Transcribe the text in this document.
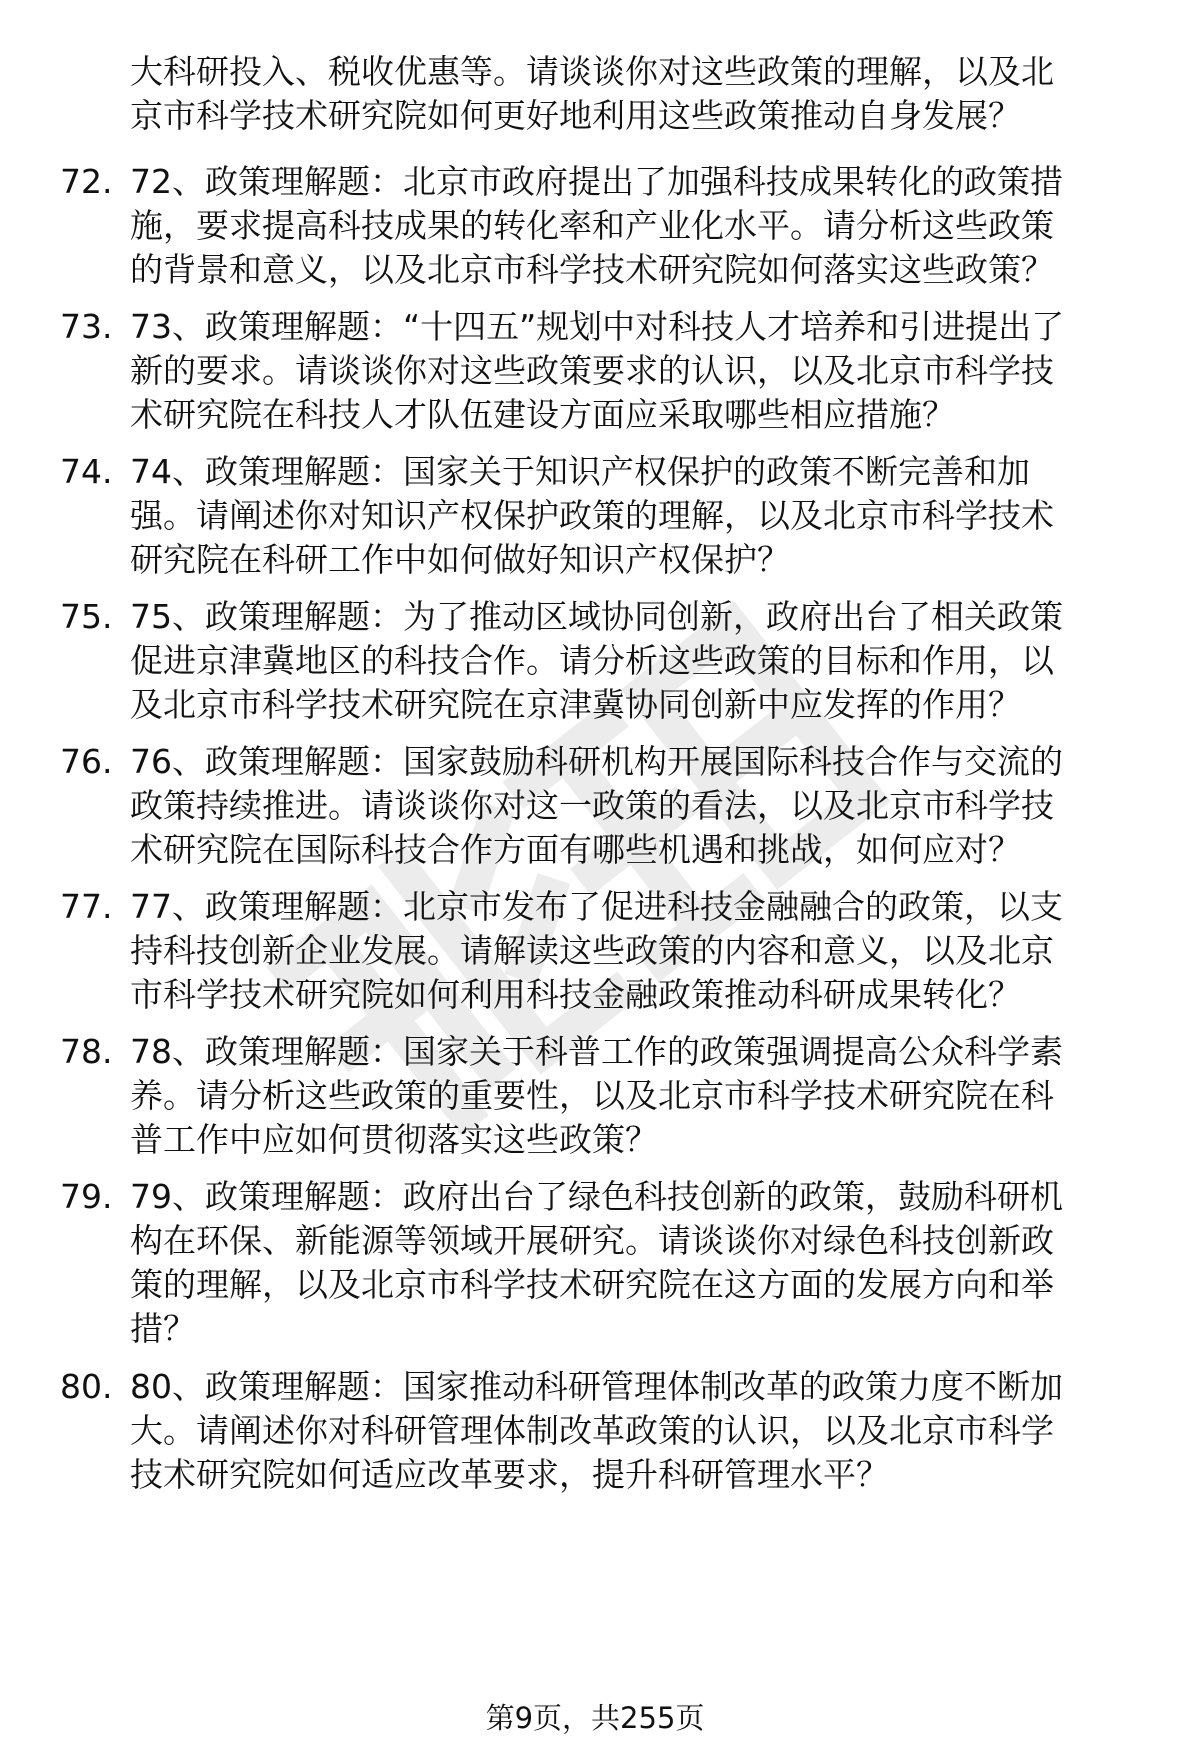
大科研投入、税收优惠等。请谈谈你对这些政策的理解，以及北
京市科学技术研究院如何更好地利用这些政策推动自身发展？

72. 72、政策理解题：北京市政府提出了加强科技成果转化的政策措
施，要求提高科技成果的转化率和产业化水平。请分析这些政策
的背景和意义，以及北京市科学技术研究院如何落实这些政策？
73. 73、政策理解题：“十四五”规划中对科技人才培养和引进提出了
新的要求。请谈谈你对这些政策要求的认识，以及北京市科学技
术研究院在科技人才队伍建设方面应采取哪些相应措施？
74. 74、政策理解题：国家关于知识产权保护的政策不断完善和加
强。请阐述你对知识产权保护政策的理解，以及北京市科学技术
研究院在科研工作中如何做好知识产权保护？
75. 75、政策理解题：为了推动区域协同创新，政府出台了相关政策
促进京津冀地区的科技合作。请分析这些政策的目标和作用，以
及北京市科学技术研究院在京津冀协同创新中应发挥的作用？
76. 76、政策理解题：国家鼓励科研机构开展国际科技合作与交流的
政策持续推进。请谈谈你对这一政策的看法，以及北京市科学技
术研究院在国际科技合作方面有哪些机遇和挑战，如何应对？
77. 77、政策理解题：北京市发布了促进科技金融融合的政策，以支
持科技创新企业发展。请解读这些政策的内容和意义，以及北京
市科学技术研究院如何利用科技金融政策推动科研成果转化？
78. 78、政策理解题：国家关于科普工作的政策强调提高公众科学素
养。请分析这些政策的重要性，以及北京市科学技术研究院在科
普工作中应如何贯彻落实这些政策？
79. 79、政策理解题：政府出台了绿色科技创新的政策，鼓励科研机
构在环保、新能源等领域开展研究。请谈谈你对绿色科技创新政
策的理解，以及北京市科学技术研究院在这方面的发展方向和举
措？
80. 80、政策理解题：国家推动科研管理体制改革的政策力度不断加
大。请阐述你对科研管理体制改革政策的认识，以及北京市科学
技术研究院如何适应改革要求，提升科研管理水平？
第9页，共255页
